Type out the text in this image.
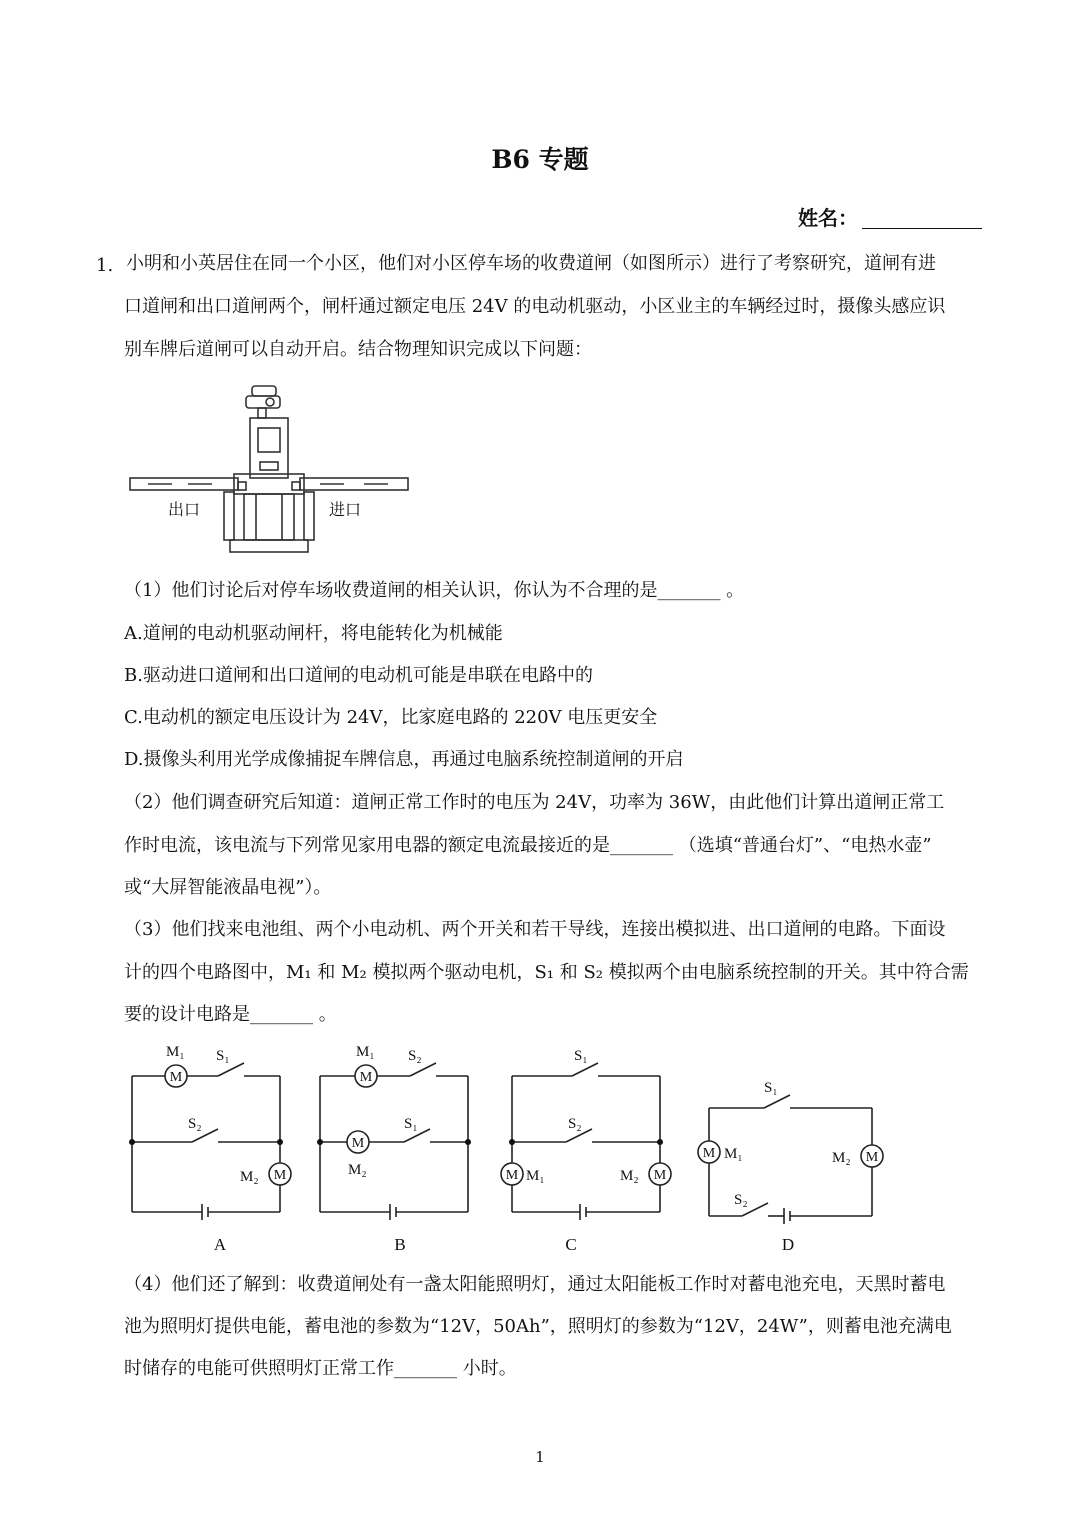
B6 专题
姓名：
1. 小明和小英居住在同一个小区，他们对小区停车场的收费道闸（如图所示）进行了考察研究，道闸有进
口道闸和出口道闸两个，闸杆通过额定电压 24V 的电动机驱动，小区业主的车辆经过时，摄像头感应识
别车牌后道闸可以自动开启。结合物理知识完成以下问题：
出口	进口
（1）他们讨论后对停车场收费道闸的相关认识，你认为不合理的是_______ 。
A.道闸的电动机驱动闸杆，将电能转化为机械能
B.驱动进口道闸和出口道闸的电动机可能是串联在电路中的
C.电动机的额定电压设计为 24V，比家庭电路的 220V 电压更安全
D.摄像头利用光学成像捕捉车牌信息，再通过电脑系统控制道闸的开启
（2）他们调查研究后知道：道闸正常工作时的电压为 24V，功率为 36W，由此他们计算出道闸正常工
作时电流，该电流与下列常见家用电器的额定电流最接近的是_______ （选填“普通台灯”、“电热水壶”
或“大屏智能液晶电视”）。
（3）他们找来电池组、两个小电动机、两个开关和若干导线，连接出模拟进、出口道闸的电路。下面设
计的四个电路图中，M₁ 和 M₂ 模拟两个驱动电机，S₁ 和 S₂ 模拟两个由电脑系统控制的开关。其中符合需
要的设计电路是_______ 。
M
M
M
M
M	M
M	M
M₁ S₁
S₂
M₂
M₁ S₂
S₁
M₂
S₁
S₂
M₁	M₂
S₁
M₁	M₂
S₂
A	B	C	D
（4）他们还了解到：收费道闸处有一盏太阳能照明灯，通过太阳能板工作时对蓄电池充电，天黑时蓄电
池为照明灯提供电能，蓄电池的参数为“12V，50Ah”，照明灯的参数为“12V，24W”，则蓄电池充满电
时储存的电能可供照明灯正常工作_______ 小时。
1
